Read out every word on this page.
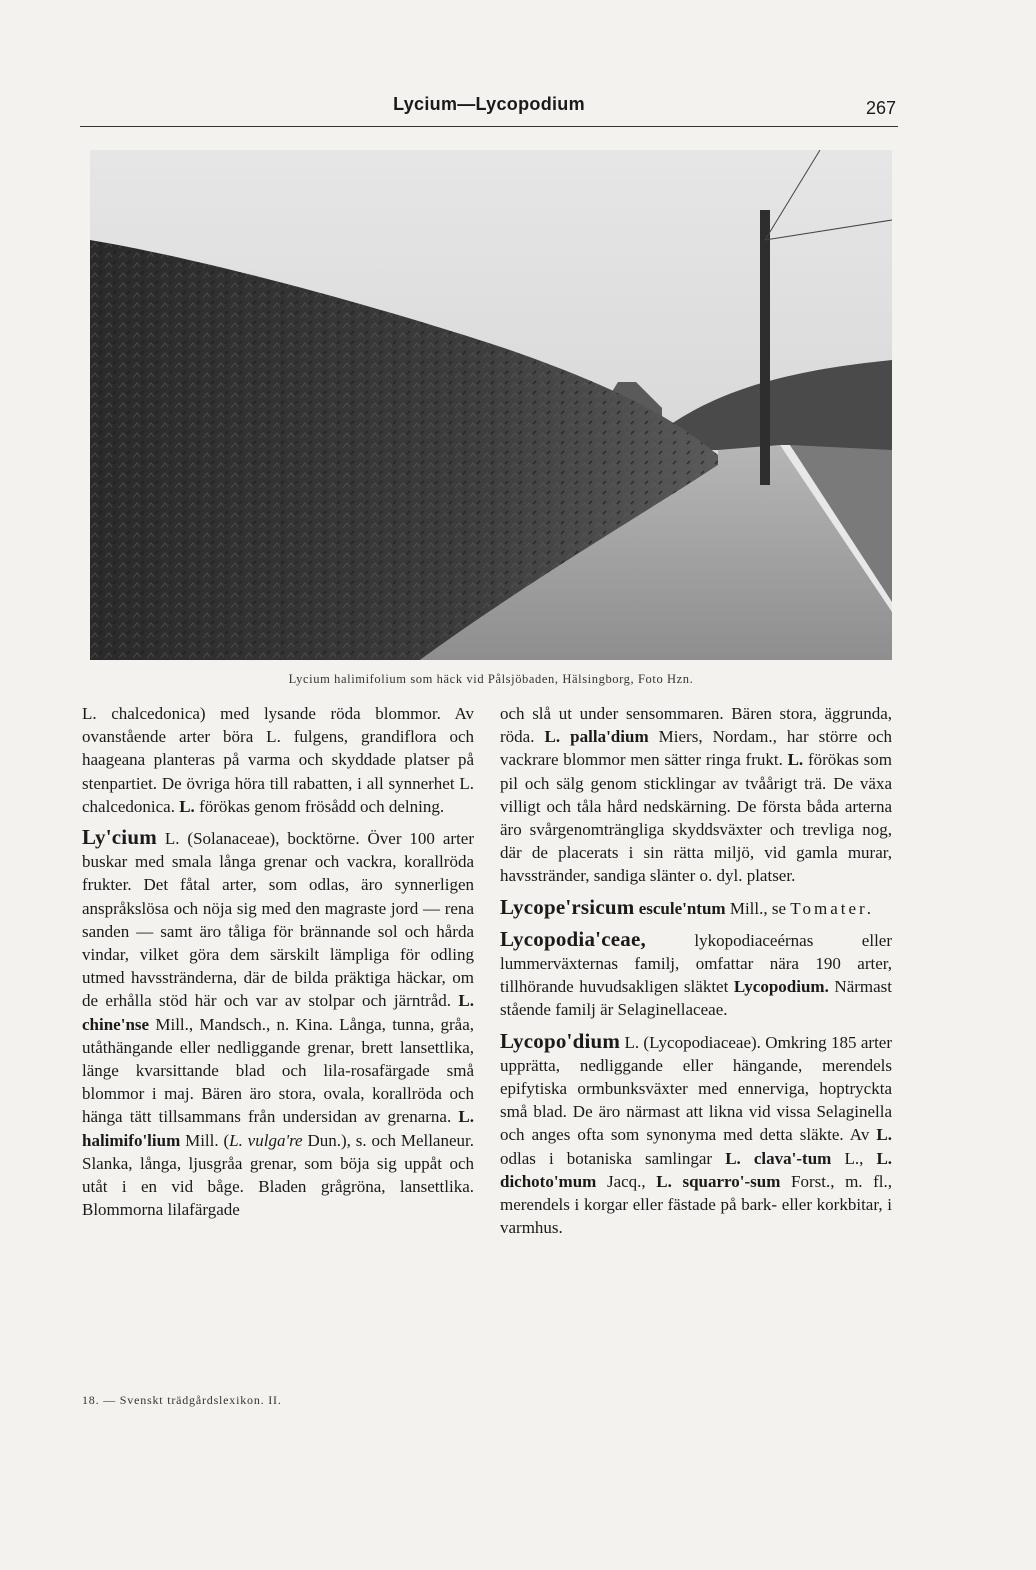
Lycium—Lycopodium	267
Lycium halimifolium som häck vid Pålsjöbaden, Hälsingborg, Foto Hzn.

L. chalcedonica) med lysande röda blommor. Av ovanstående arter böra L. fulgens, grandiflora och haageana planteras på varma och skyddade platser på stenpartiet. De övriga höra till rabatten, i all synnerhet L. chalcedonica. L. förökas genom frösådd och delning.

Ly'cium L. (Solanaceae), bocktörne. Över 100 arter buskar med smala långa grenar och vackra, korallröda frukter. Det fåtal arter, som odlas, äro synnerligen anspråkslösa och nöja sig med den magraste jord — rena sanden — samt äro tåliga för brännande sol och hårda vindar, vilket göra dem särskilt lämpliga för odling utmed havsstränderna, där de bilda präktiga häckar, om de erhålla stöd här och var av stolpar och järntråd. L. chine'nse Mill., Mandsch., n. Kina. Långa, tunna, gråa, utåthängande eller nedliggande grenar, brett lansettlika, länge kvarsittande blad och lila-rosafärgade små blommor i maj. Bären äro stora, ovala, korallröda och hänga tätt tillsammans från undersidan av grenarna. L. halimifo'lium Mill. (L. vulga're Dun.), s. och Mellaneur. Slanka, långa, ljusgråa grenar, som böja sig uppåt och utåt i en vid båge. Bladen grågröna, lansettlika. Blommorna lilafärgade

och slå ut under sensommaren. Bären stora, äggrunda, röda. L. palla'dium Miers, Nordam., har större och vackrare blommor men sätter ringa frukt. L. förökas som pil och sälg genom sticklingar av tvåårigt trä. De växa villigt och tåla hård nedskärning. De första båda arterna äro svårgenomträngliga skyddsväxter och trevliga nog, där de placerats i sin rätta miljö, vid gamla murar, havsstränder, sandiga slänter o. dyl. platser.

Lycope'rsicum escule'ntum Mill., se Tomater.

Lycopodia'ceae,	lykopodiaceérnas eller lummerväxternas familj, omfattar nära 190 arter, tillhörande huvudsakligen släktet Lycopodium. Närmast stående familj är Selaginellaceae.

Lycopo'dium L. (Lycopodiaceae). Omkring 185 arter upprätta, nedliggande eller hängande, merendels epifytiska ormbunksväxter med ennerviga, hoptryckta små blad. De äro närmast att likna vid vissa Selaginella och anges ofta som synonyma med detta släkte. Av L. odlas i botaniska samlingar L. clava'-tum L., L. dichoto'mum Jacq., L. squarro'-sum Forst., m. fl., merendels i korgar eller fästade på bark- eller korkbitar, i varmhus.

18. — Svenskt trädgårdslexikon. II.
